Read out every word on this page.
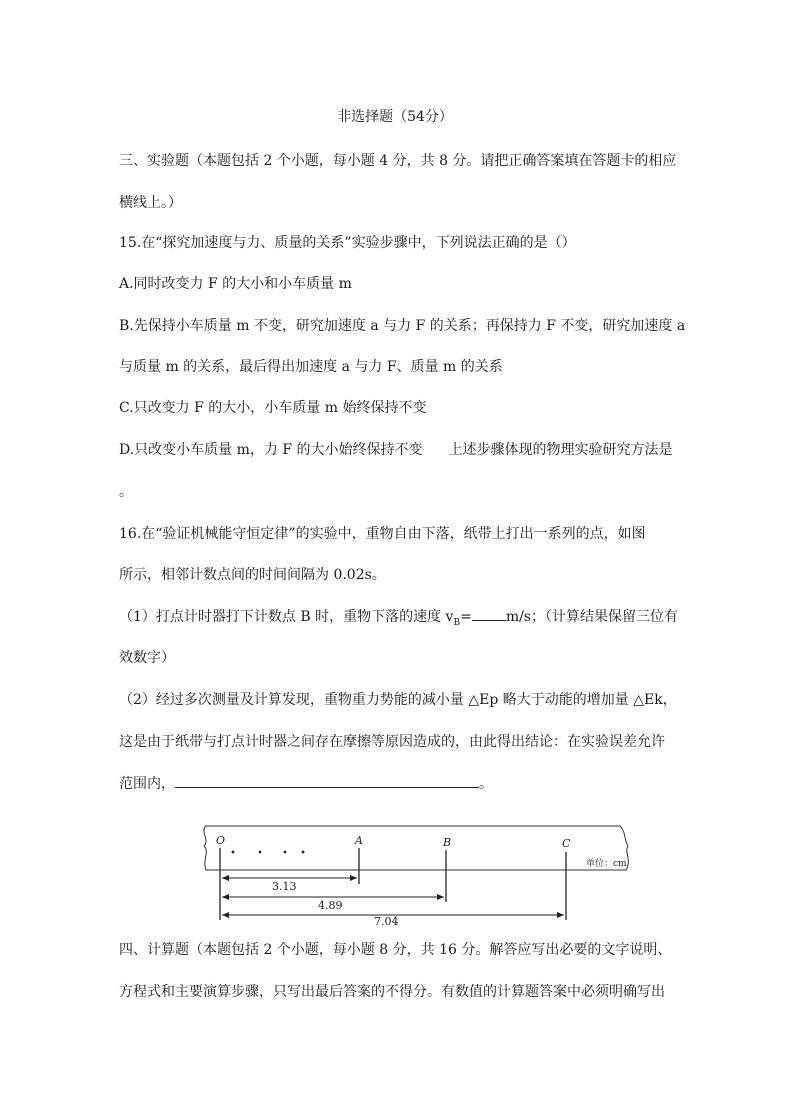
非选择题（54分）
三、实验题（本题包括 2 个小题，每小题 4 分，共 8 分。请把正确答案填在答题卡的相应
横线上。）
15.在“探究加速度与力、质量的关系”实验步骤中，下列说法正确的是（）
A.同时改变力 F 的大小和小车质量 m
B.先保持小车质量 m 不变，研究加速度 a 与力 F 的关系；再保持力 F 不变，研究加速度 a
与质量 m 的关系，最后得出加速度 a 与力 F、质量 m 的关系
C.只改变力 F 的大小，小车质量 m 始终保持不变
D.只改变小车质量 m，力 F 的大小始终保持不变 上述步骤体现的物理实验研究方法是
。
16.在“验证机械能守恒定律”的实验中，重物自由下落，纸带上打出一系列的点，如图
所示，相邻计数点间的时间间隔为 0.02s。
（1）打点计时器打下计数点 B 时，重物下落的速度 $v_B= m/s$；（计算结果保留三位有
效数字）
（2）经过多次测量及计算发现，重物重力势能的减小量 △Ep 略大于动能的增加量 △Ek，
这是由于纸带与打点计时器之间存在摩擦等原因造成的，由此得出结论：在实验误差允许
范围内，	。
O	A	B	C
单位：cm
3.13
4.89
7.04
四、计算题（本题包括 2 个小题，每小题 8 分，共 16 分。解答应写出必要的文字说明、
方程式和主要演算步骤，只写出最后答案的不得分。有数值的计算题答案中必须明确写出
